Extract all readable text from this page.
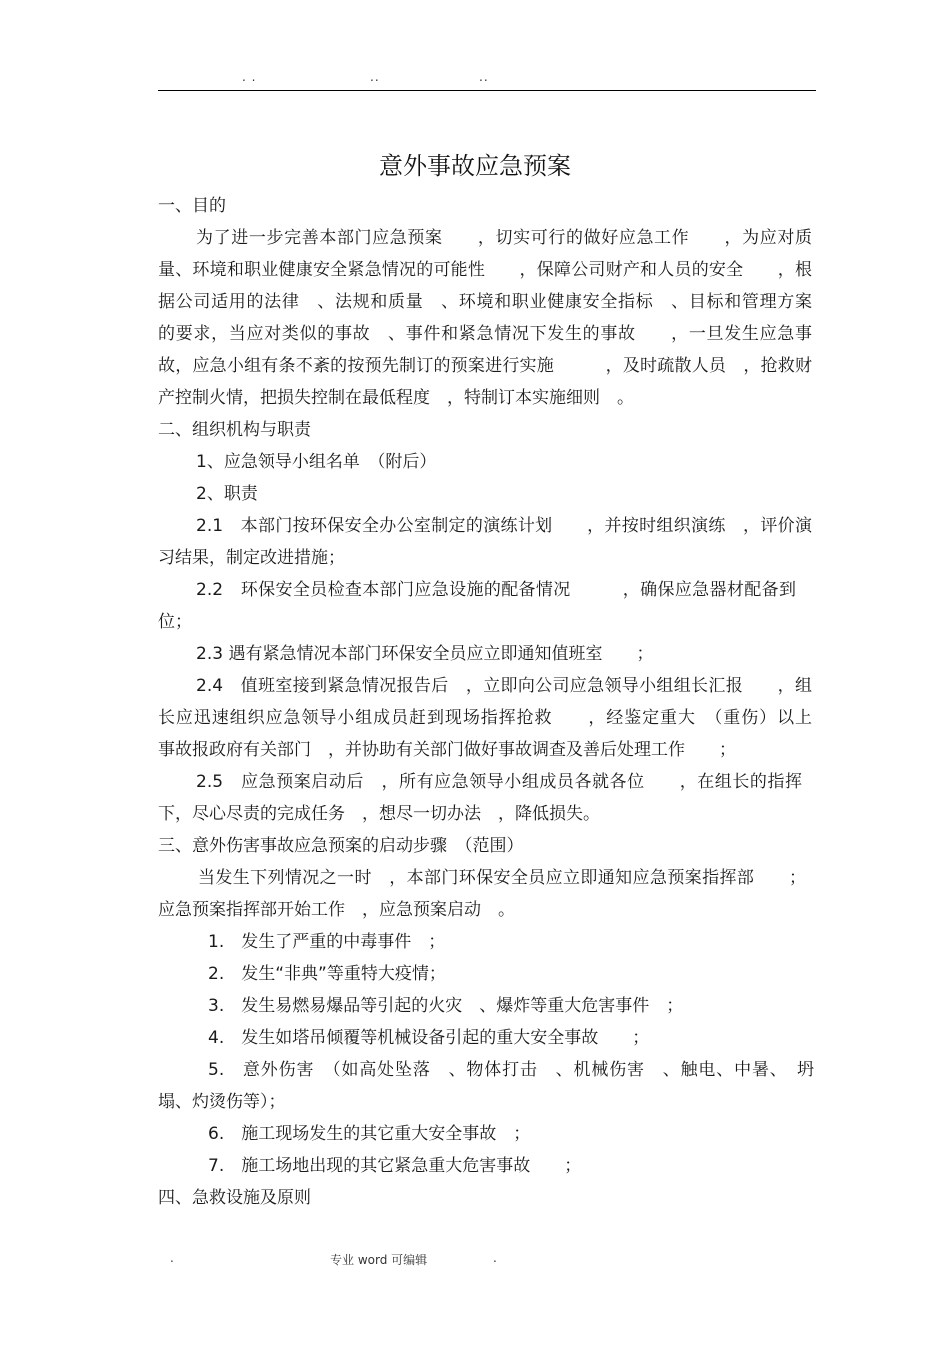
. .	..	..
意外事故应急预案
一、目的
为了进一步完善本部门应急预案　　，切实可行的做好应急工作　　，为应对质
量、环境和职业健康安全紧急情况的可能性　　，保障公司财产和人员的安全　　，根
据公司适用的法律　、法规和质量　、环境和职业健康安全指标　、目标和管理方案
的要求，当应对类似的事故　、事件和紧急情况下发生的事故　　，一旦发生应急事
故，应急小组有条不紊的按预先制订的预案进行实施　　　，及时疏散人员　，抢救财
产控制火情，把损失控制在最低程度　，特制订本实施细则　。
二、组织机构与职责
1、应急领导小组名单　（附后）
2、职责
2.1　本部门按环保安全办公室制定的演练计划　　，并按时组织演练　，评价演
习结果，制定改进措施；
2.2　环保安全员检查本部门应急设施的配备情况　　　，确保应急器材配备到
位；
2.3 遇有紧急情况本部门环保安全员应立即通知值班室　　；
2.4　值班室接到紧急情况报告后　，立即向公司应急领导小组组长汇报　　，组
长应迅速组织应急领导小组成员赶到现场指挥抢救　　，经鉴定重大　（重伤）以上
事故报政府有关部门　，并协助有关部门做好事故调查及善后处理工作　　；
2.5　应急预案启动后　，所有应急领导小组成员各就各位　　，在组长的指挥
下，尽心尽责的完成任务　，想尽一切办法　，降低损失。
三、意外伤害事故应急预案的启动步骤　（范围）
当发生下列情况之一时　，本部门环保安全员应立即通知应急预案指挥部　　；
应急预案指挥部开始工作　，应急预案启动　。
1.　发生了严重的中毒事件　；
2.　发生“非典”等重特大疫情；
3.　发生易燃易爆品等引起的火灾　、爆炸等重大危害事件　；
4.　发生如塔吊倾覆等机械设备引起的重大安全事故　　；
5.　意外伤害　（如高处坠落　、物体打击　、机械伤害　、触电、中暑、　坍
塌、灼烫伤等）；
6.　施工现场发生的其它重大安全事故　；
7.　施工场地出现的其它紧急重大危害事故　　；
四、急救设施及原则
.	专业 word 可编辑	.
